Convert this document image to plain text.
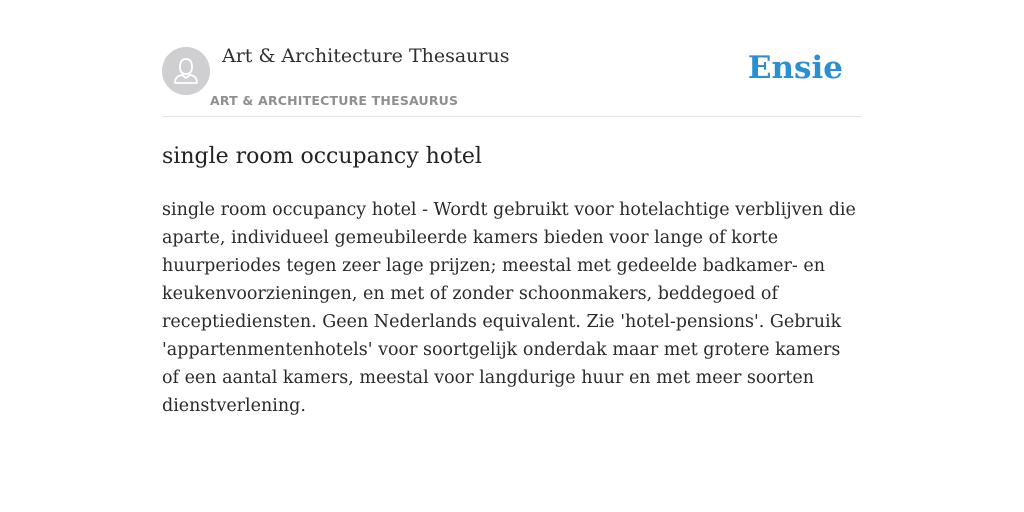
Art & Architecture Thesaurus
ART & ARCHITECTURE THESAURUS
Ensie
single room occupancy hotel

single room occupancy hotel - Wordt gebruikt voor hotelachtige verblijven die aparte, individueel gemeubileerde kamers bieden voor lange of korte huurperiodes tegen zeer lage prijzen; meestal met gedeelde badkamer- en keukenvoorzieningen, en met of zonder schoonmakers, beddegoed of receptiediensten. Geen Nederlands equivalent. Zie 'hotel-pensions'. Gebruik 'appartenmentenhotels' voor soortgelijk onderdak maar met grotere kamers of een aantal kamers, meestal voor langdurige huur en met meer soorten dienstverlening.
